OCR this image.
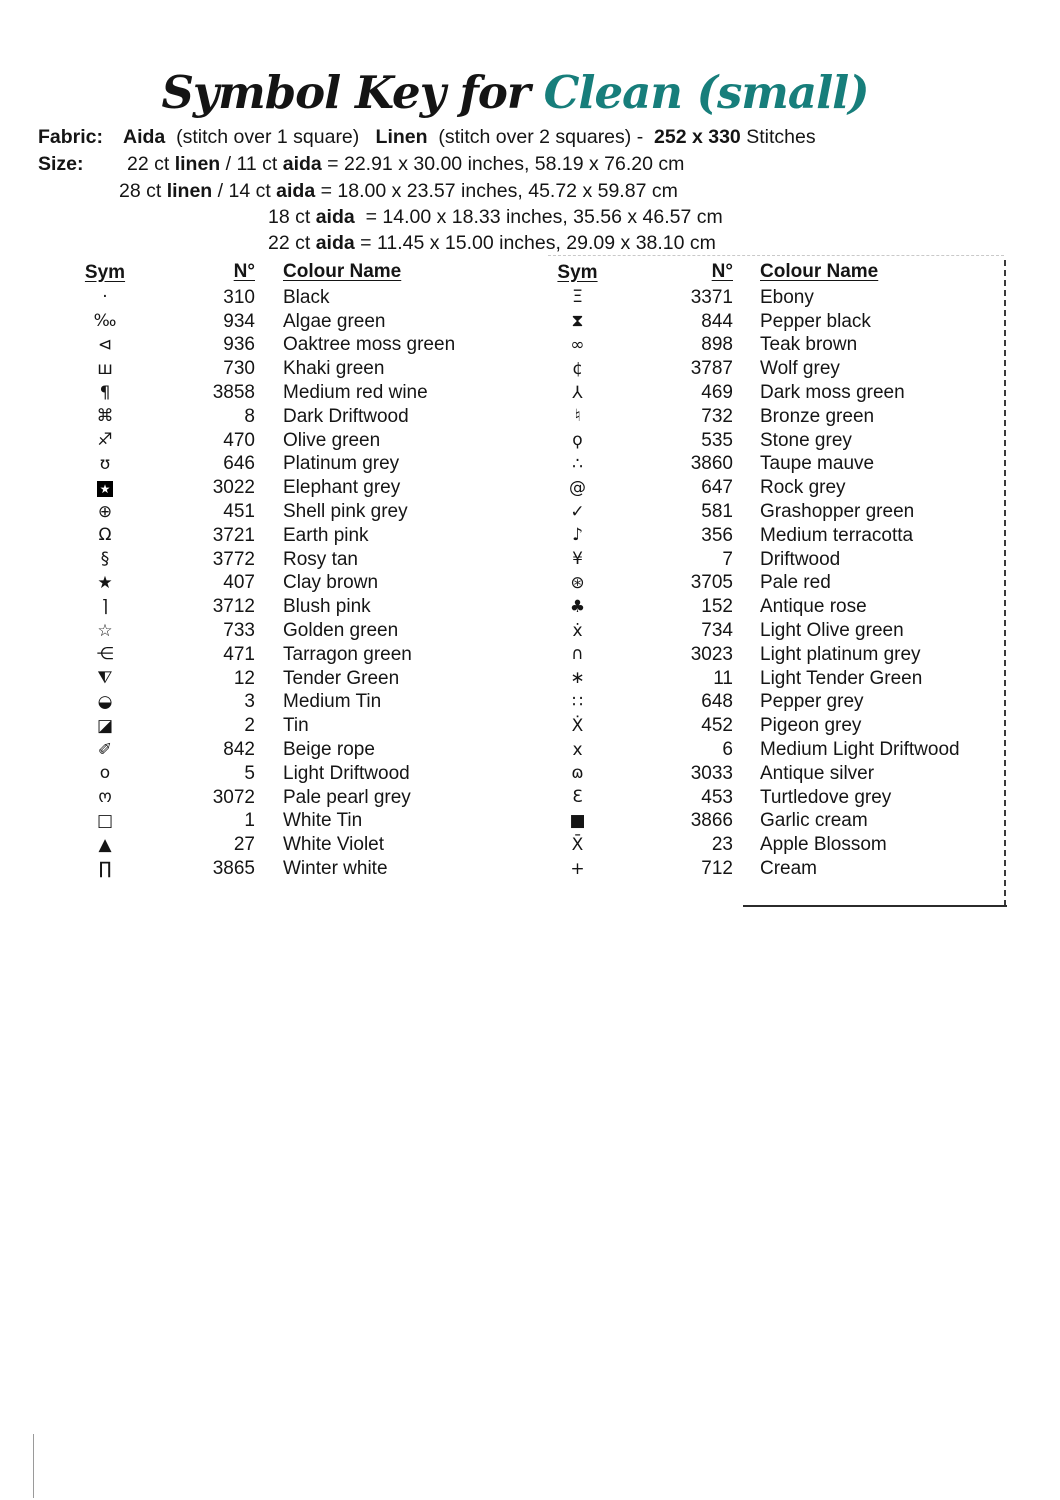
Symbol Key for Clean (small)
Fabric: Aida  (stitch over 1 square)   Linen  (stitch over 2 squares) -  252 x 330 Stitches
Size: 22 ct linen / 11 ct aida = 22.91 x 30.00 inches, 58.19 x 76.20 cm
28 ct linen / 14 ct aida = 18.00 x 23.57 inches, 45.72 x 59.87 cm
18 ct aida  = 14.00 x 18.33 inches, 35.56 x 46.57 cm
22 ct aida = 11.45 x 15.00 inches, 29.09 x 38.10 cm
Sym	N°	Colour Name
·	310	Black
‰	934	Algae green
⊲	936	Oaktree moss green
ш	730	Khaki green
¶	3858	Medium red wine
⌘	8	Dark Driftwood
♐	470	Olive green
ʊ	646	Platinum grey
★	3022	Elephant grey
⊕	451	Shell pink grey
Ω	3721	Earth pink
§	3772	Rosy tan
★	407	Clay brown
⌉	3712	Blush pink
☆	733	Golden green
⋲	471	Tarragon green
⧨	12	Tender Green
◒	3	Medium Tin
◪	2	Tin
✐	842	Beige rope
o	5	Light Driftwood
ო	3072	Pale pearl grey
□	1	White Tin
▲	27	White Violet
∏	3865	Winter white
Sym	N°	Colour Name
Ξ	3371	Ebony
⧗	844	Pepper black
∞	898	Teak brown
¢	3787	Wolf grey
⅄	469	Dark moss green
♮	732	Bronze green
ϙ	535	Stone grey
∴	3860	Taupe mauve
@	647	Rock grey
✓	581	Grashopper green
♪	356	Medium terracotta
¥	7	Driftwood
⊛	3705	Pale red
♣	152	Antique rose
ẋ	734	Light Olive green
∩	3023	Light platinum grey
∗	11	Light Tender Green
∷	648	Pepper grey
Ẋ	452	Pigeon grey
x	6	Medium Light Driftwood
ɷ	3033	Antique silver
Ɛ	453	Turtledove grey
■	3866	Garlic cream
X̄	23	Apple Blossom
+	712	Cream
